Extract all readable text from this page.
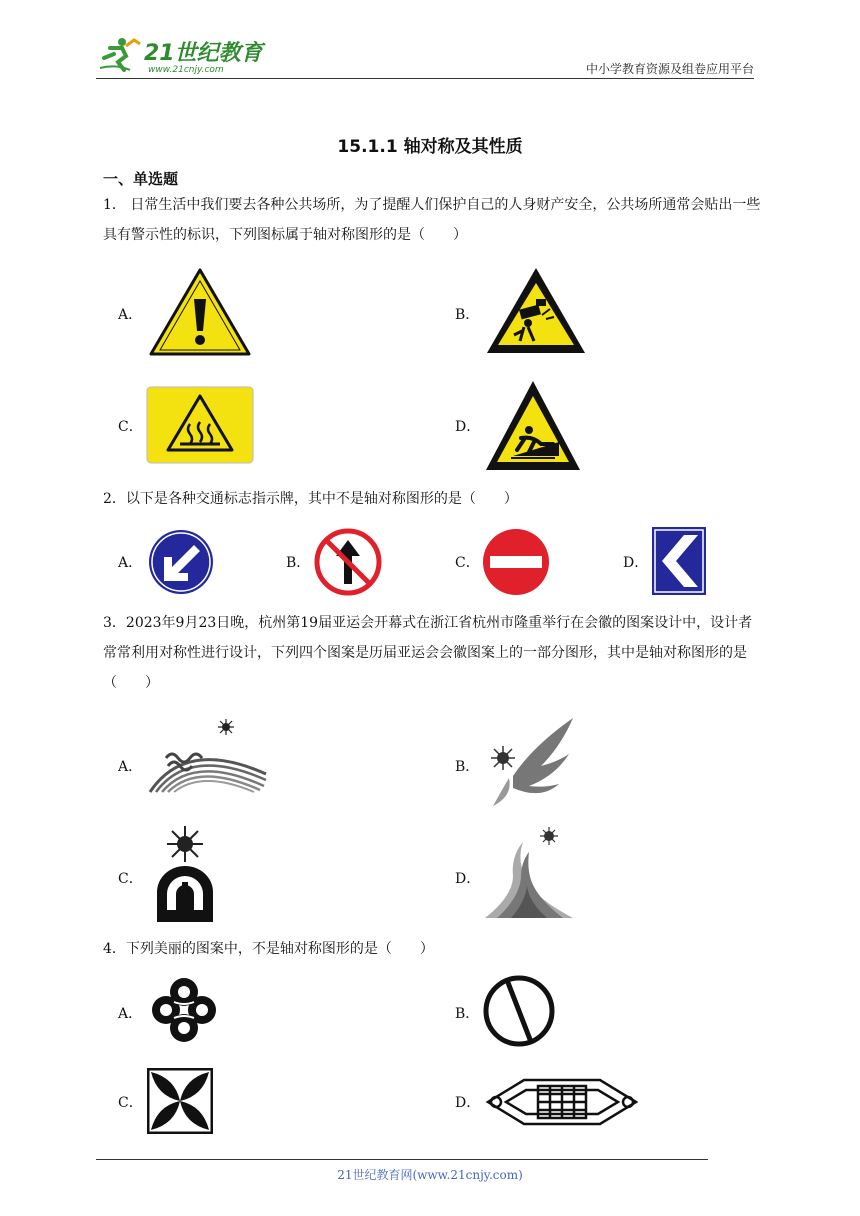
21世纪教育
www.21cnjy.com	中小学教育资源及组卷应用平台
15.1.1 轴对称及其性质
一、单选题
1． 日常生活中我们要去各种公共场所，为了提醒人们保护自己的人身财产安全，公共场所通常会贴出一些具有警示性的标识，下列图标属于轴对称图形的是（　　）
A．	B．
C．	D．
2．以下是各种交通标志指示牌，其中不是轴对称图形的是（　　）
A．	B．	C．	D．
3．2023年9月23日晚，杭州第19届亚运会开幕式在浙江省杭州市隆重举行在会徽的图案设计中，设计者常常利用对称性进行设计，下列四个图案是历届亚运会会徽图案上的一部分图形，其中是轴对称图形的是（　　）
A．	B．
C．	D．
4．下列美丽的图案中，不是轴对称图形的是（　　）
A．	B．
C．	D．
21世纪教育网(www.21cnjy.com)
